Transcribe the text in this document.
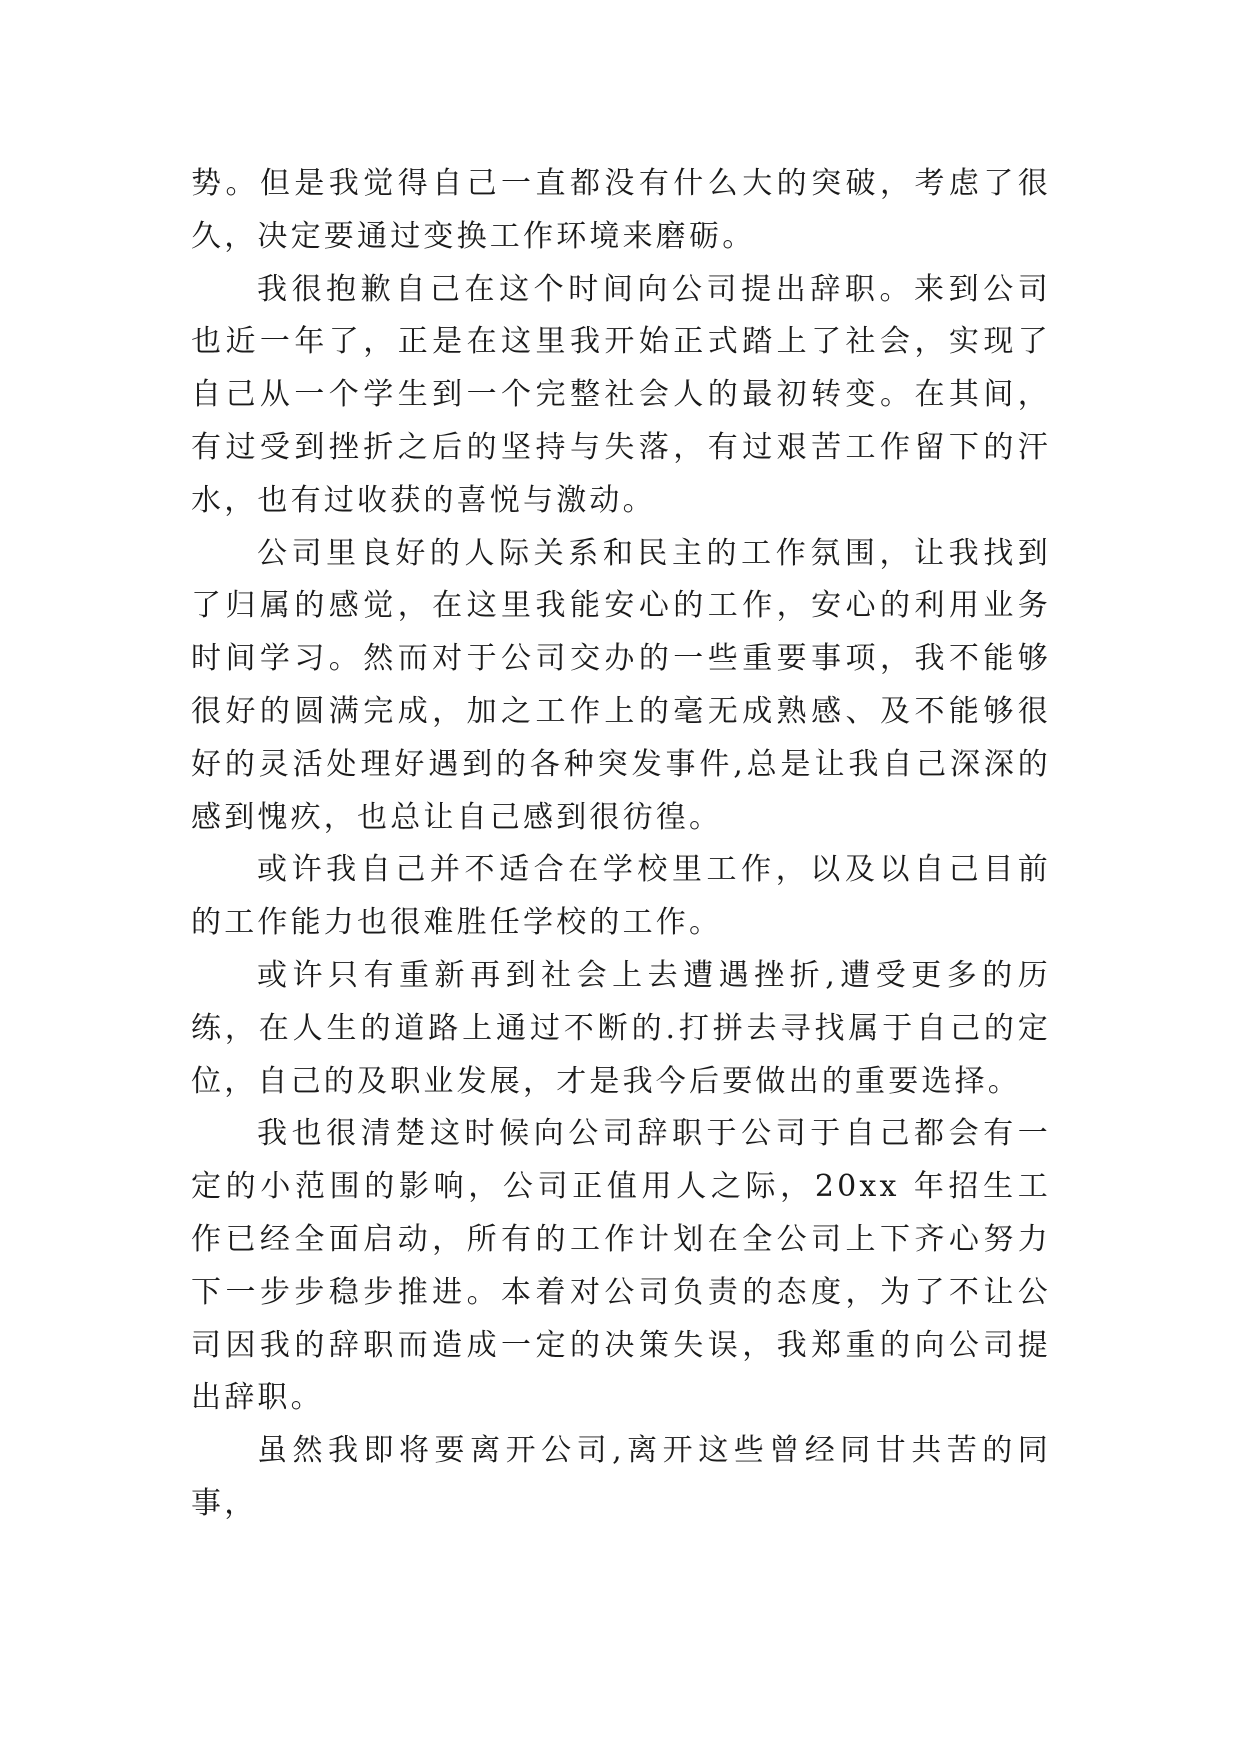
势。但是我觉得自己一直都没有什么大的突破，考虑了很久，决定要通过变换工作环境来磨砺。

我很抱歉自己在这个时间向公司提出辞职。来到公司也近一年了，正是在这里我开始正式踏上了社会，实现了自己从一个学生到一个完整社会人的最初转变。在其间，有过受到挫折之后的坚持与失落，有过艰苦工作留下的汗水，也有过收获的喜悦与激动。

公司里良好的人际关系和民主的工作氛围，让我找到了归属的感觉，在这里我能安心的工作，安心的利用业务时间学习。然而对于公司交办的一些重要事项，我不能够很好的圆满完成，加之工作上的毫无成熟感、及不能够很好的灵活处理好遇到的各种突发事件,总是让我自己深深的感到愧疚，也总让自己感到很彷徨。

或许我自己并不适合在学校里工作，以及以自己目前的工作能力也很难胜任学校的工作。

或许只有重新再到社会上去遭遇挫折,遭受更多的历练，在人生的道路上通过不断的.打拼去寻找属于自己的定位，自己的及职业发展，才是我今后要做出的重要选择。

我也很清楚这时候向公司辞职于公司于自己都会有一定的小范围的影响，公司正值用人之际，20xx 年招生工作已经全面启动，所有的工作计划在全公司上下齐心努力下一步步稳步推进。本着对公司负责的态度，为了不让公司因我的辞职而造成一定的决策失误，我郑重的向公司提出辞职。

虽然我即将要离开公司,离开这些曾经同甘共苦的同事，
